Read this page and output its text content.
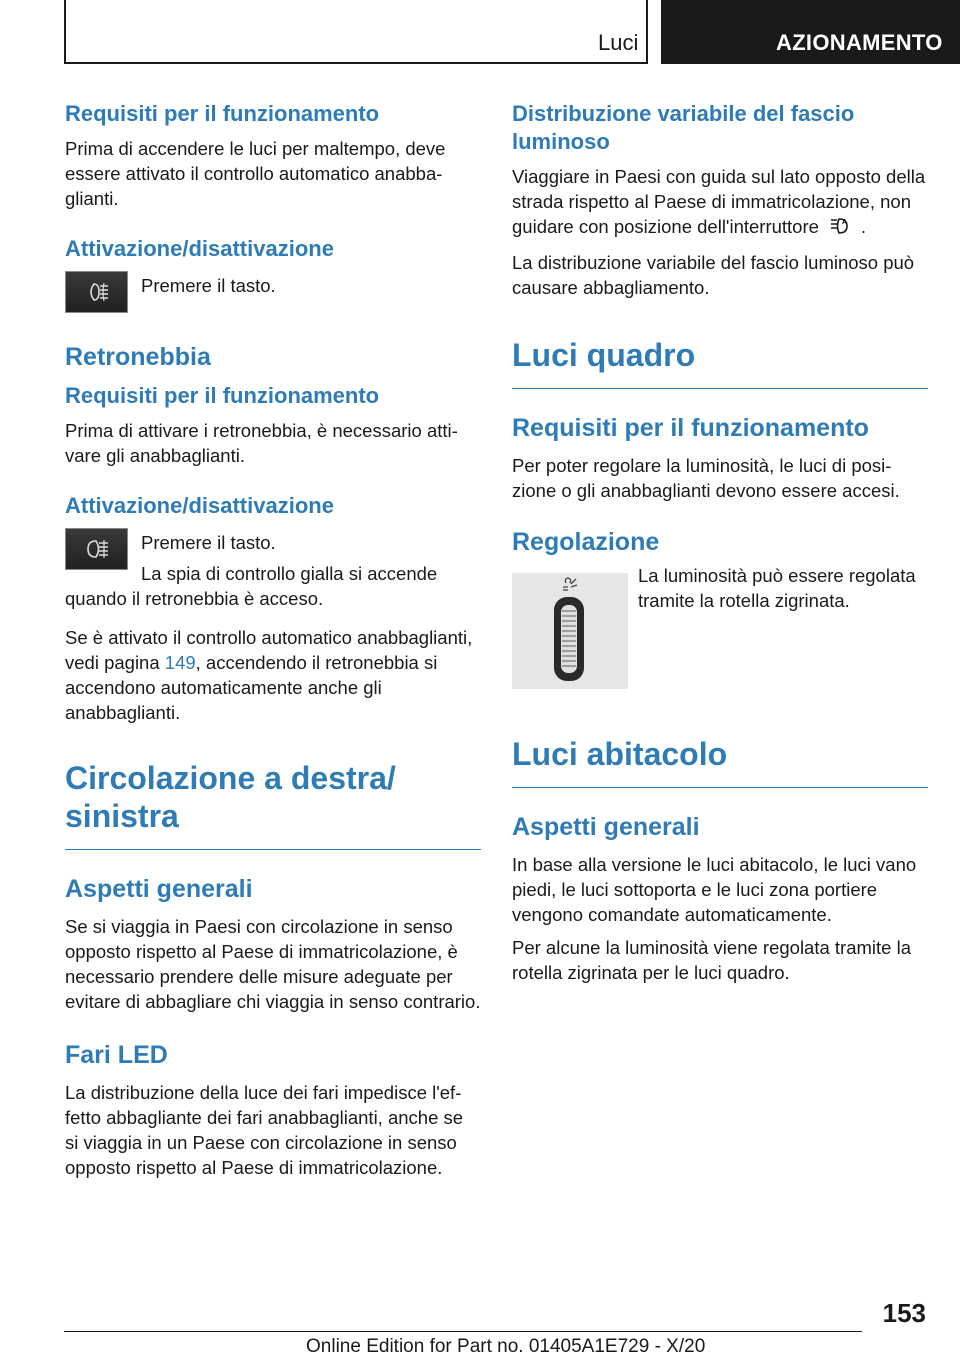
Luci	AZIONAMENTO
Requisiti per il funzionamento

Prima di accendere le luci per maltempo, deve essere attivato il controllo automatico anabbaglianti.

Attivazione/disattivazione
Premere il tasto.
Retronebbia
Requisiti per il funzionamento

Prima di attivare i retronebbia, è necessario attivare gli anabbaglianti.

Attivazione/disattivazione
Premere il tasto.

La spia di controllo gialla si accende quando il retronebbia è acceso.

Se è attivato il controllo automatico anabbaglianti, vedi pagina 149, accendendo il retronebbia si accendono automaticamente anche gli anabbaglianti.

Circolazione a destra/ sinistra
Aspetti generali

Se si viaggia in Paesi con circolazione in senso opposto rispetto al Paese di immatricolazione, è necessario prendere delle misure adeguate per evitare di abbagliare chi viaggia in senso contrario.

Fari LED

La distribuzione della luce dei fari impedisce l'effetto abbagliante dei fari anabbaglianti, anche se si viaggia in un Paese con circolazione in senso opposto rispetto al Paese di immatricolazione.

Distribuzione variabile del fascio luminoso

Viaggiare in Paesi con guida sul lato opposto della strada rispetto al Paese di immatricolazione, non guidare con posizione dell'interruttore	A .

La distribuzione variabile del fascio luminoso può causare abbagliamento.

Luci quadro
Requisiti per il funzionamento

Per poter regolare la luminosità, le luci di posizione o gli anabbaglianti devono essere accesi.

Regolazione

La luminosità può essere regolata tramite la rotella zigrinata.

Luci abitacolo
Aspetti generali

In base alla versione le luci abitacolo, le luci vano piedi, le luci sottoporta e le luci zona portiere vengono comandate automaticamente.

Per alcune la luminosità viene regolata tramite la rotella zigrinata per le luci quadro.

153
Online Edition for Part no. 01405A1E729 - X/20
